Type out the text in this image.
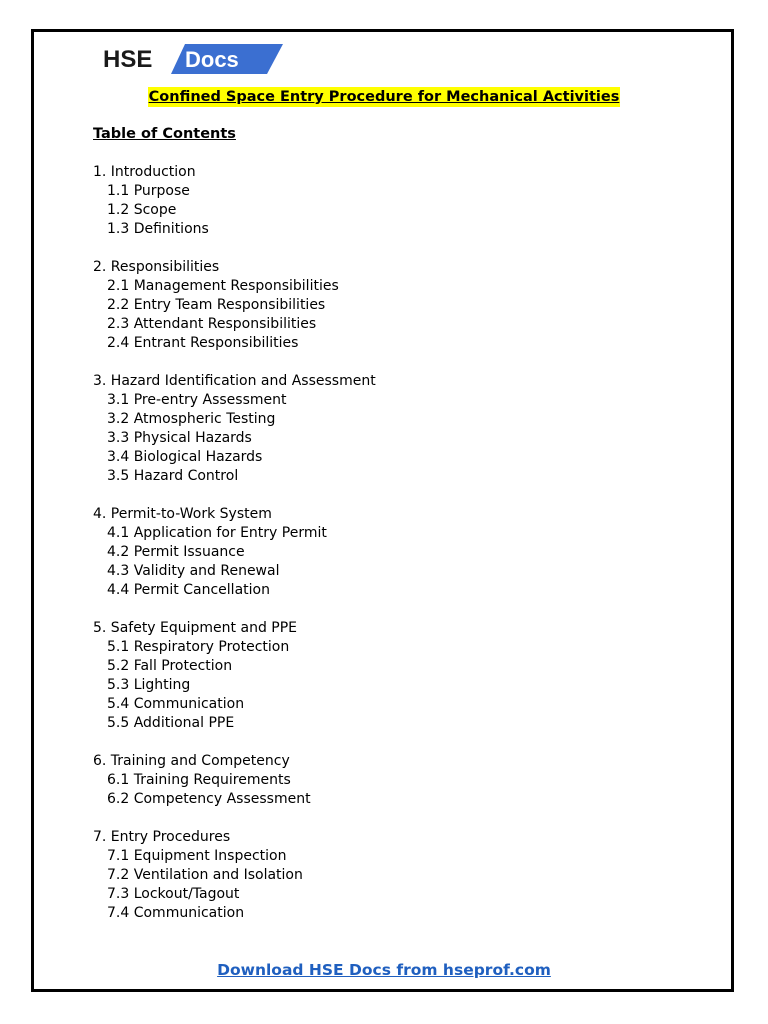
HSE Docs
Confined Space Entry Procedure for Mechanical Activities
Table of Contents
1. Introduction
1.1 Purpose
1.2 Scope
1.3 Definitions
2. Responsibilities
2.1 Management Responsibilities
2.2 Entry Team Responsibilities
2.3 Attendant Responsibilities
2.4 Entrant Responsibilities
3. Hazard Identification and Assessment
3.1 Pre-entry Assessment
3.2 Atmospheric Testing
3.3 Physical Hazards
3.4 Biological Hazards
3.5 Hazard Control
4. Permit-to-Work System
4.1 Application for Entry Permit
4.2 Permit Issuance
4.3 Validity and Renewal
4.4 Permit Cancellation
5. Safety Equipment and PPE
5.1 Respiratory Protection
5.2 Fall Protection
5.3 Lighting
5.4 Communication
5.5 Additional PPE
6. Training and Competency
6.1 Training Requirements
6.2 Competency Assessment
7. Entry Procedures
7.1 Equipment Inspection
7.2 Ventilation and Isolation
7.3 Lockout/Tagout
7.4 Communication
Download HSE Docs from hseprof.com
